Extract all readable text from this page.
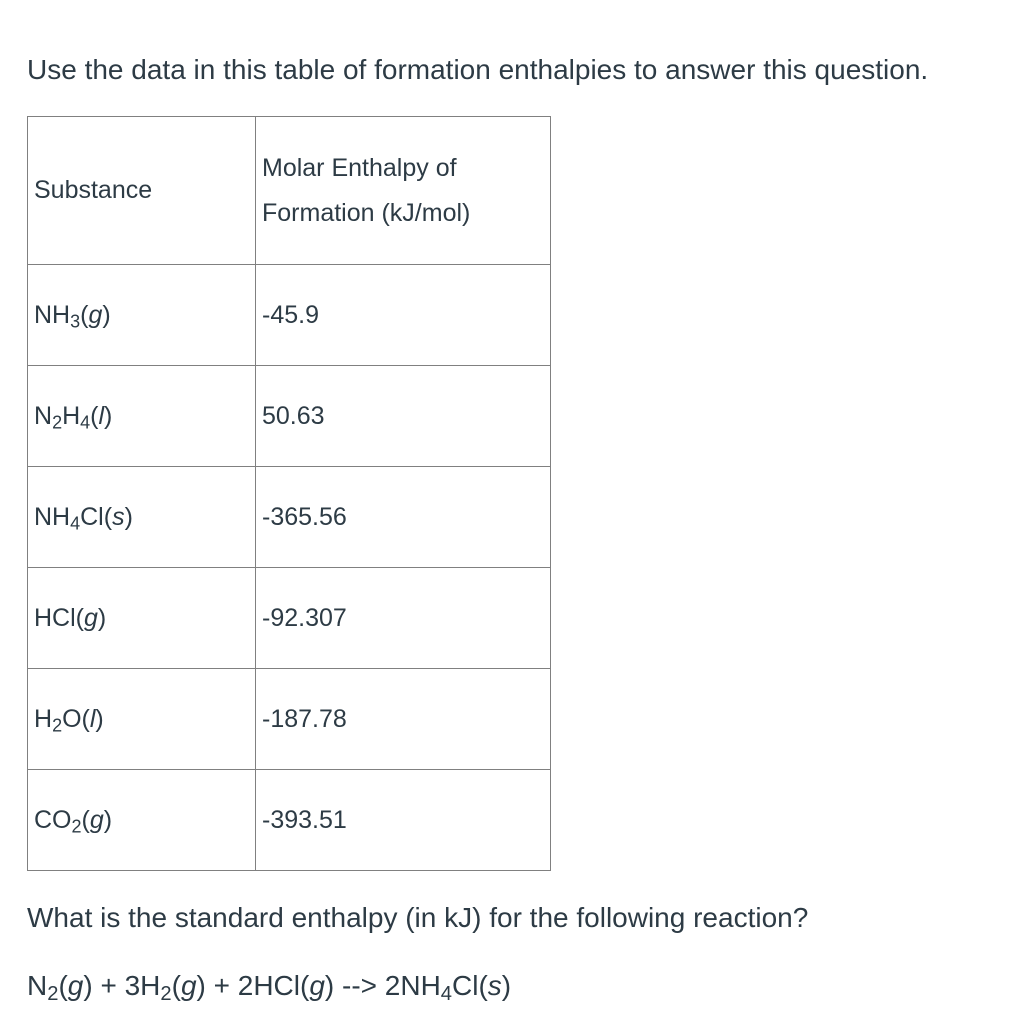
Use the data in this table of formation enthalpies to answer this question.
Substance	Molar Enthalpy of
Formation (kJ/mol)
$NH_3(g)$	-45.9
$N_2H_4(l)$	50.63
$NH_4Cl(s)$	-365.56
HCl(g)	-92.307
$H_2O(l)$	-187.78
$CO_2(g)$	-393.51
What is the standard enthalpy (in kJ) for the following reaction?
$N_2(g) + 3H_2(g) + 2HCl(g)$ --> $2NH_4Cl(s)$
